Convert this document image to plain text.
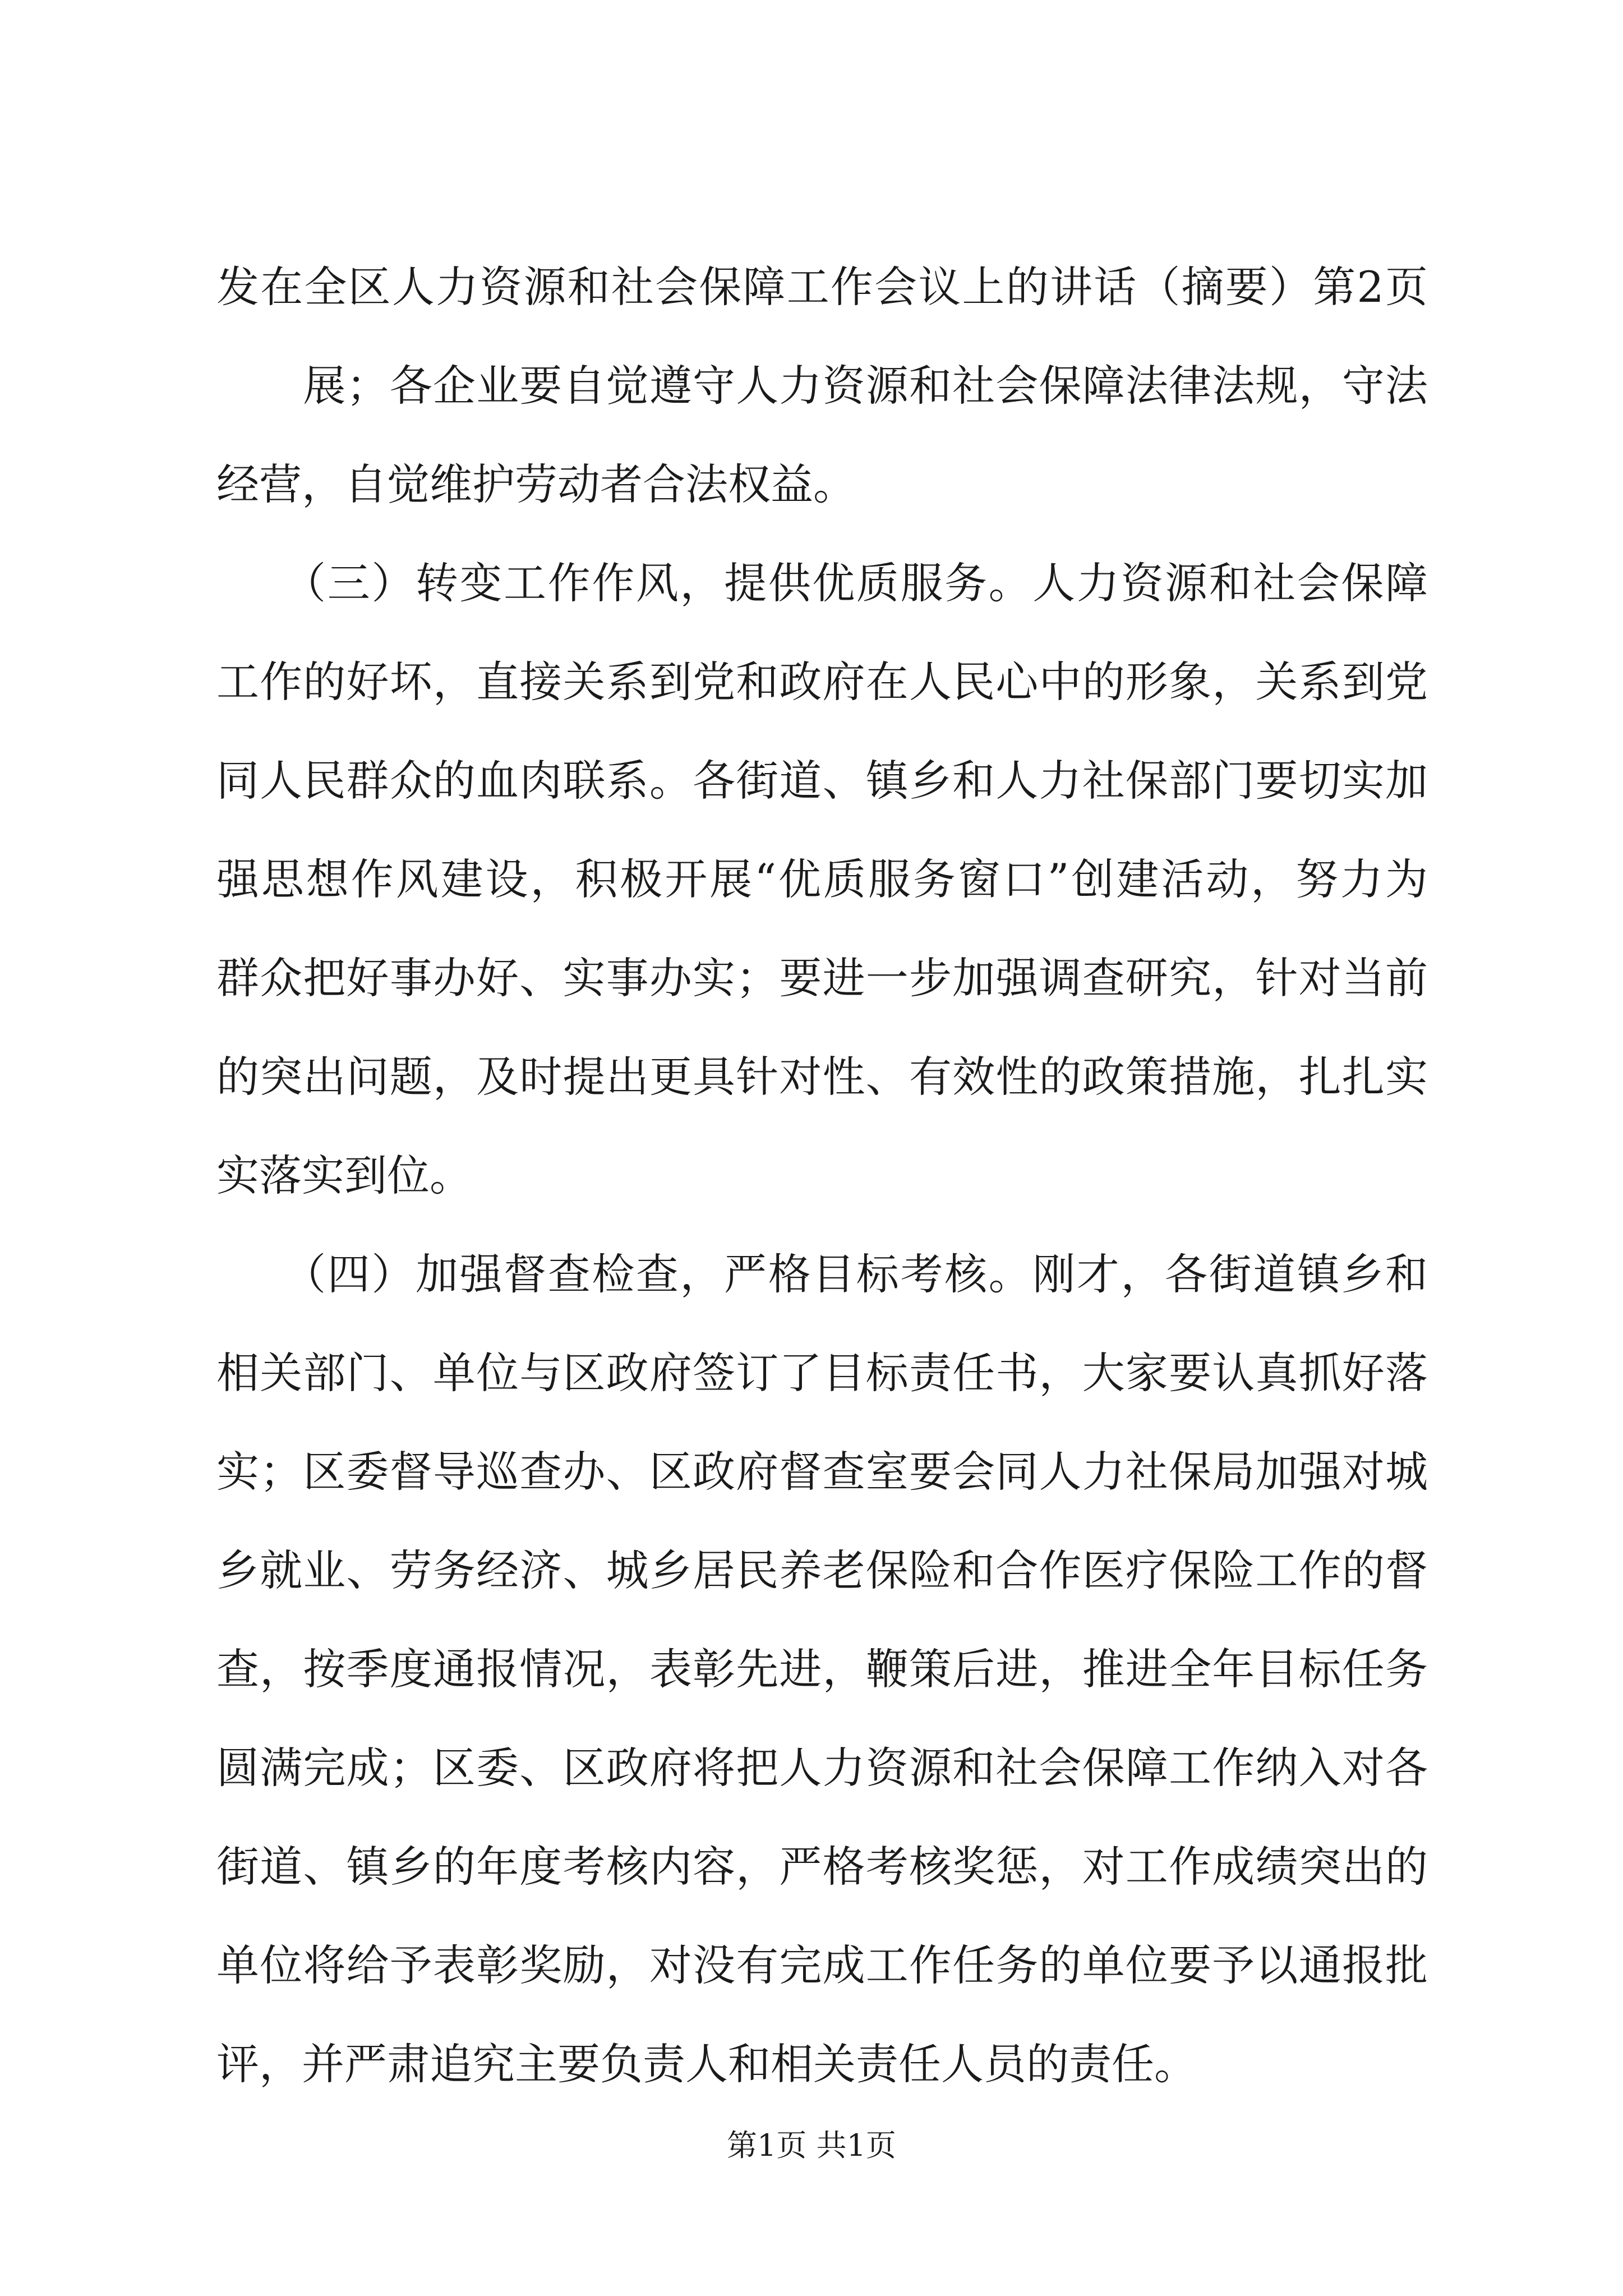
发在全区人力资源和社会保障工作会议上的讲话（摘要）第2页
　　展；各企业要自觉遵守人力资源和社会保障法律法规，守法
经营，自觉维护劳动者合法权益。
　　（三）转变工作作风，提供优质服务。人力资源和社会保障
工作的好坏，直接关系到党和政府在人民心中的形象，关系到党
同人民群众的血肉联系。各街道、镇乡和人力社保部门要切实加
强思想作风建设，积极开展“优质服务窗口”创建活动，努力为
群众把好事办好、实事办实；要进一步加强调查研究，针对当前
的突出问题，及时提出更具针对性、有效性的政策措施，扎扎实
实落实到位。
　　（四）加强督查检查，严格目标考核。刚才，各街道镇乡和
相关部门、单位与区政府签订了目标责任书，大家要认真抓好落
实；区委督导巡查办、区政府督查室要会同人力社保局加强对城
乡就业、劳务经济、城乡居民养老保险和合作医疗保险工作的督
查，按季度通报情况，表彰先进，鞭策后进，推进全年目标任务
圆满完成；区委、区政府将把人力资源和社会保障工作纳入对各
街道、镇乡的年度考核内容，严格考核奖惩，对工作成绩突出的
单位将给予表彰奖励，对没有完成工作任务的单位要予以通报批
评，并严肃追究主要负责人和相关责任人员的责任。
第1页 共1页
